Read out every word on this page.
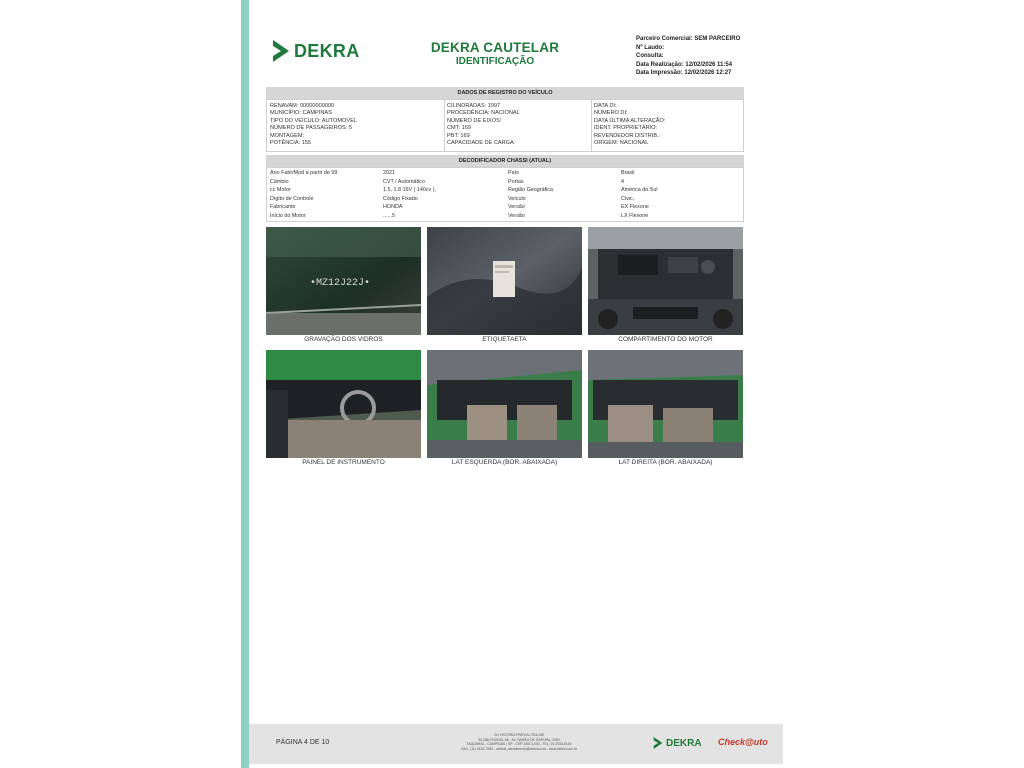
DEKRA	DEKRA CAUTELAR
IDENTIFICAÇÃO
Parceiro Comercial: SEM PARCEIRO
Nº Laudo:
Consulta:
Data Realização: 12/02/2026 11:54
Data Impressão: 12/02/2026 12:27
DADOS DE REGISTRO DO VEÍCULO
RENAVAM: 00000000000
MUNICÍPIO: CAMPINAS
TIPO DO VEÍCULO: AUTOMOVEL
NÚMERO DE PASSAGEIROS: 5
MONTAGEM:
POTÊNCIA: 155
CILINDRADAS: 1997
PROCEDÊNCIA: NACIONAL
NÚMERO DE EIXOS:
CMT: 169
PBT: 169
CAPACIDADE DE CARGA:
DATA DI:
NÚMERO DI:
DATA ÚLTIMA ALTERAÇÃO:
IDENT. PROPRIETÁRIO:
REVENDEDOR DISTRIB.:
ORIGEM: NACIONAL
DECODIFICADOR CHASSI (ATUAL)
Ano Fabr/Mod a partir de 99	2021	País	Brasil
Câmbio	CVT / Automático	Portas	4
cc Motor	1.5, 1.8 16V ( 140cv ),	Região Geográfica	América do Sul
Dígito de Controle	Código Fixado	Veículo	Civic,
Fabricante	HONDA	Versão	EX Flexone
Início do Motor	......5	Versão	LX Flexone
•MZ12J22J•
GRAVAÇÃO DOS VIDROS	ETIQUETAETA	COMPARTIMENTO DO MOTOR
PAINEL DE INSTRUMENTO	LAT ESQUERDA (BOR. ABAIXADA)	LAT DIREITA (BOR. ABAIXADA)
PÁGINA 4 DE 10
JVI VISTORIA PREVIA LTDA-ME
90.288.074/0001-98 - AV. BARÃO DE ITAPURA, 3090
TAQUARAL - CAMPINAS / SP - CEP 13073-000 - TEL: 19 2533-5100
SAC: (11) 4418-7083 - central_atendimento@dekra.com - www.dekra.com.br
DEKRA Check@uto
